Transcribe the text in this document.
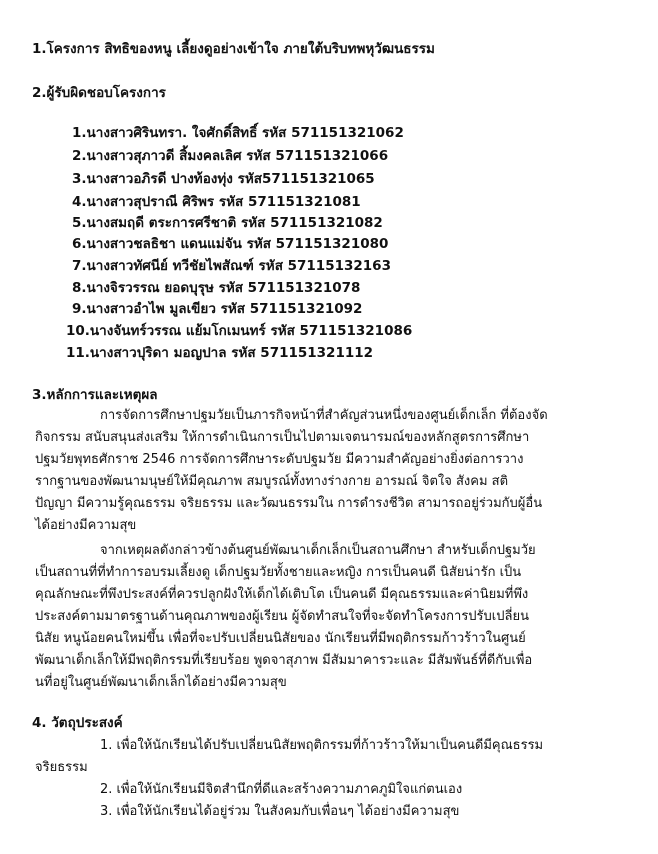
1.โครงการ สิทธิของหนู เลี้ยงดูอย่างเข้าใจ ภายใต้บริบทพหุวัฒนธรรม
2.ผู้รับผิดชอบโครงการ
1.นางสาวศิรินทรา. ใจศักดิ์สิทธิ์ รหัส 571151321062
2.นางสาวสุภาวดี สิ้มงคลเลิศ รหัส 571151321066
3.นางสาวอภิรดี ปางท้องทุ่ง รหัส571151321065
4.นางสาวสุปราณี ศิริพร รหัส 571151321081
5.นางสมฤดี ตระการศรีชาติ รหัส 571151321082
6.นางสาวชลธิชา แดนแม่จัน รหัส 571151321080
7.นางสาวทัศนีย์ ทวีชัยไพสัณฑ์ รหัส 57115132163
8.นางจิรวรรณ ยอดบุรุษ รหัส 571151321078
9.นางสาวอำไพ มูลเขียว รหัส 571151321092
10.นางจันทร์วรรณ แย้มโกเมนทร์ รหัส 571151321086
11.นางสาวปุริดา มอญปาล รหัส 571151321112
3.หลักการและเหตุผล
การจัดการศึกษาปฐมวัยเป็นภารกิจหน้าที่สำคัญส่วนหนึ่งของศูนย์เด็กเล็ก ที่ต้องจัด
กิจกรรม สนับสนุนส่งเสริม ให้การดำเนินการเป็นไปตามเจตนารมณ์ของหลักสูตรการศึกษา
ปฐมวัยพุทธศักราช 2546 การจัดการศึกษาระดับปฐมวัย มีความสำคัญอย่างยิ่งต่อการวาง
รากฐานของพัฒนามนุษย์ให้มีคุณภาพ สมบูรณ์ทั้งทางร่างกาย อารมณ์ จิตใจ สังคม สติ
ปัญญา มีความรู้คุณธรรม จริยธรรม และวัฒนธรรมใน การดำรงชีวิต สามารถอยู่ร่วมกับผู้อื่น
ได้อย่างมีความสุข
จากเหตุผลดังกล่าวข้างต้นศูนย์พัฒนาเด็กเล็กเป็นสถานศึกษา สำหรับเด็กปฐมวัย
เป็นสถานที่ที่ทำการอบรมเลี้ยงดู เด็กปฐมวัยทั้งชายและหญิง การเป็นคนดี นิสัยน่ารัก เป็น
คุณลักษณะที่พึงประสงค์ที่ควรปลูกฝังให้เด็กได้เติบโต เป็นคนดี มีคุณธรรมและค่านิยมที่พึง
ประสงค์ตามมาตรฐานด้านคุณภาพของผู้เรียน ผู้จัดทำสนใจที่จะจัดทำโครงการปรับเปลี่ยน
นิสัย หนูน้อยคนใหม่ขึ้น เพื่อที่จะปรับเปลี่ยนนิสัยของ นักเรียนที่มีพฤติกรรมก้าวร้าวในศูนย์
พัฒนาเด็กเล็กให้มีพฤติกรรมที่เรียบร้อย พูดจาสุภาพ มีสัมมาคารวะและ มีสัมพันธ์ที่ดีกับเพื่อ
นที่อยู่ในศูนย์พัฒนาเด็กเล็กได้อย่างมีความสุข
4. วัตถุประสงค์
1. เพื่อให้นักเรียนได้ปรับเปลี่ยนนิสัยพฤติกรรมที่ก้าวร้าวให้มาเป็นคนดีมีคุณธรรม
จริยธรรม
2. เพื่อให้นักเรียนมีจิตสำนึกที่ดีและสร้างความภาคภูมิใจแก่ตนเอง
3. เพื่อให้นักเรียนได้อยู่ร่วม ในสังคมกับเพื่อนๆ ได้อย่างมีความสุข
